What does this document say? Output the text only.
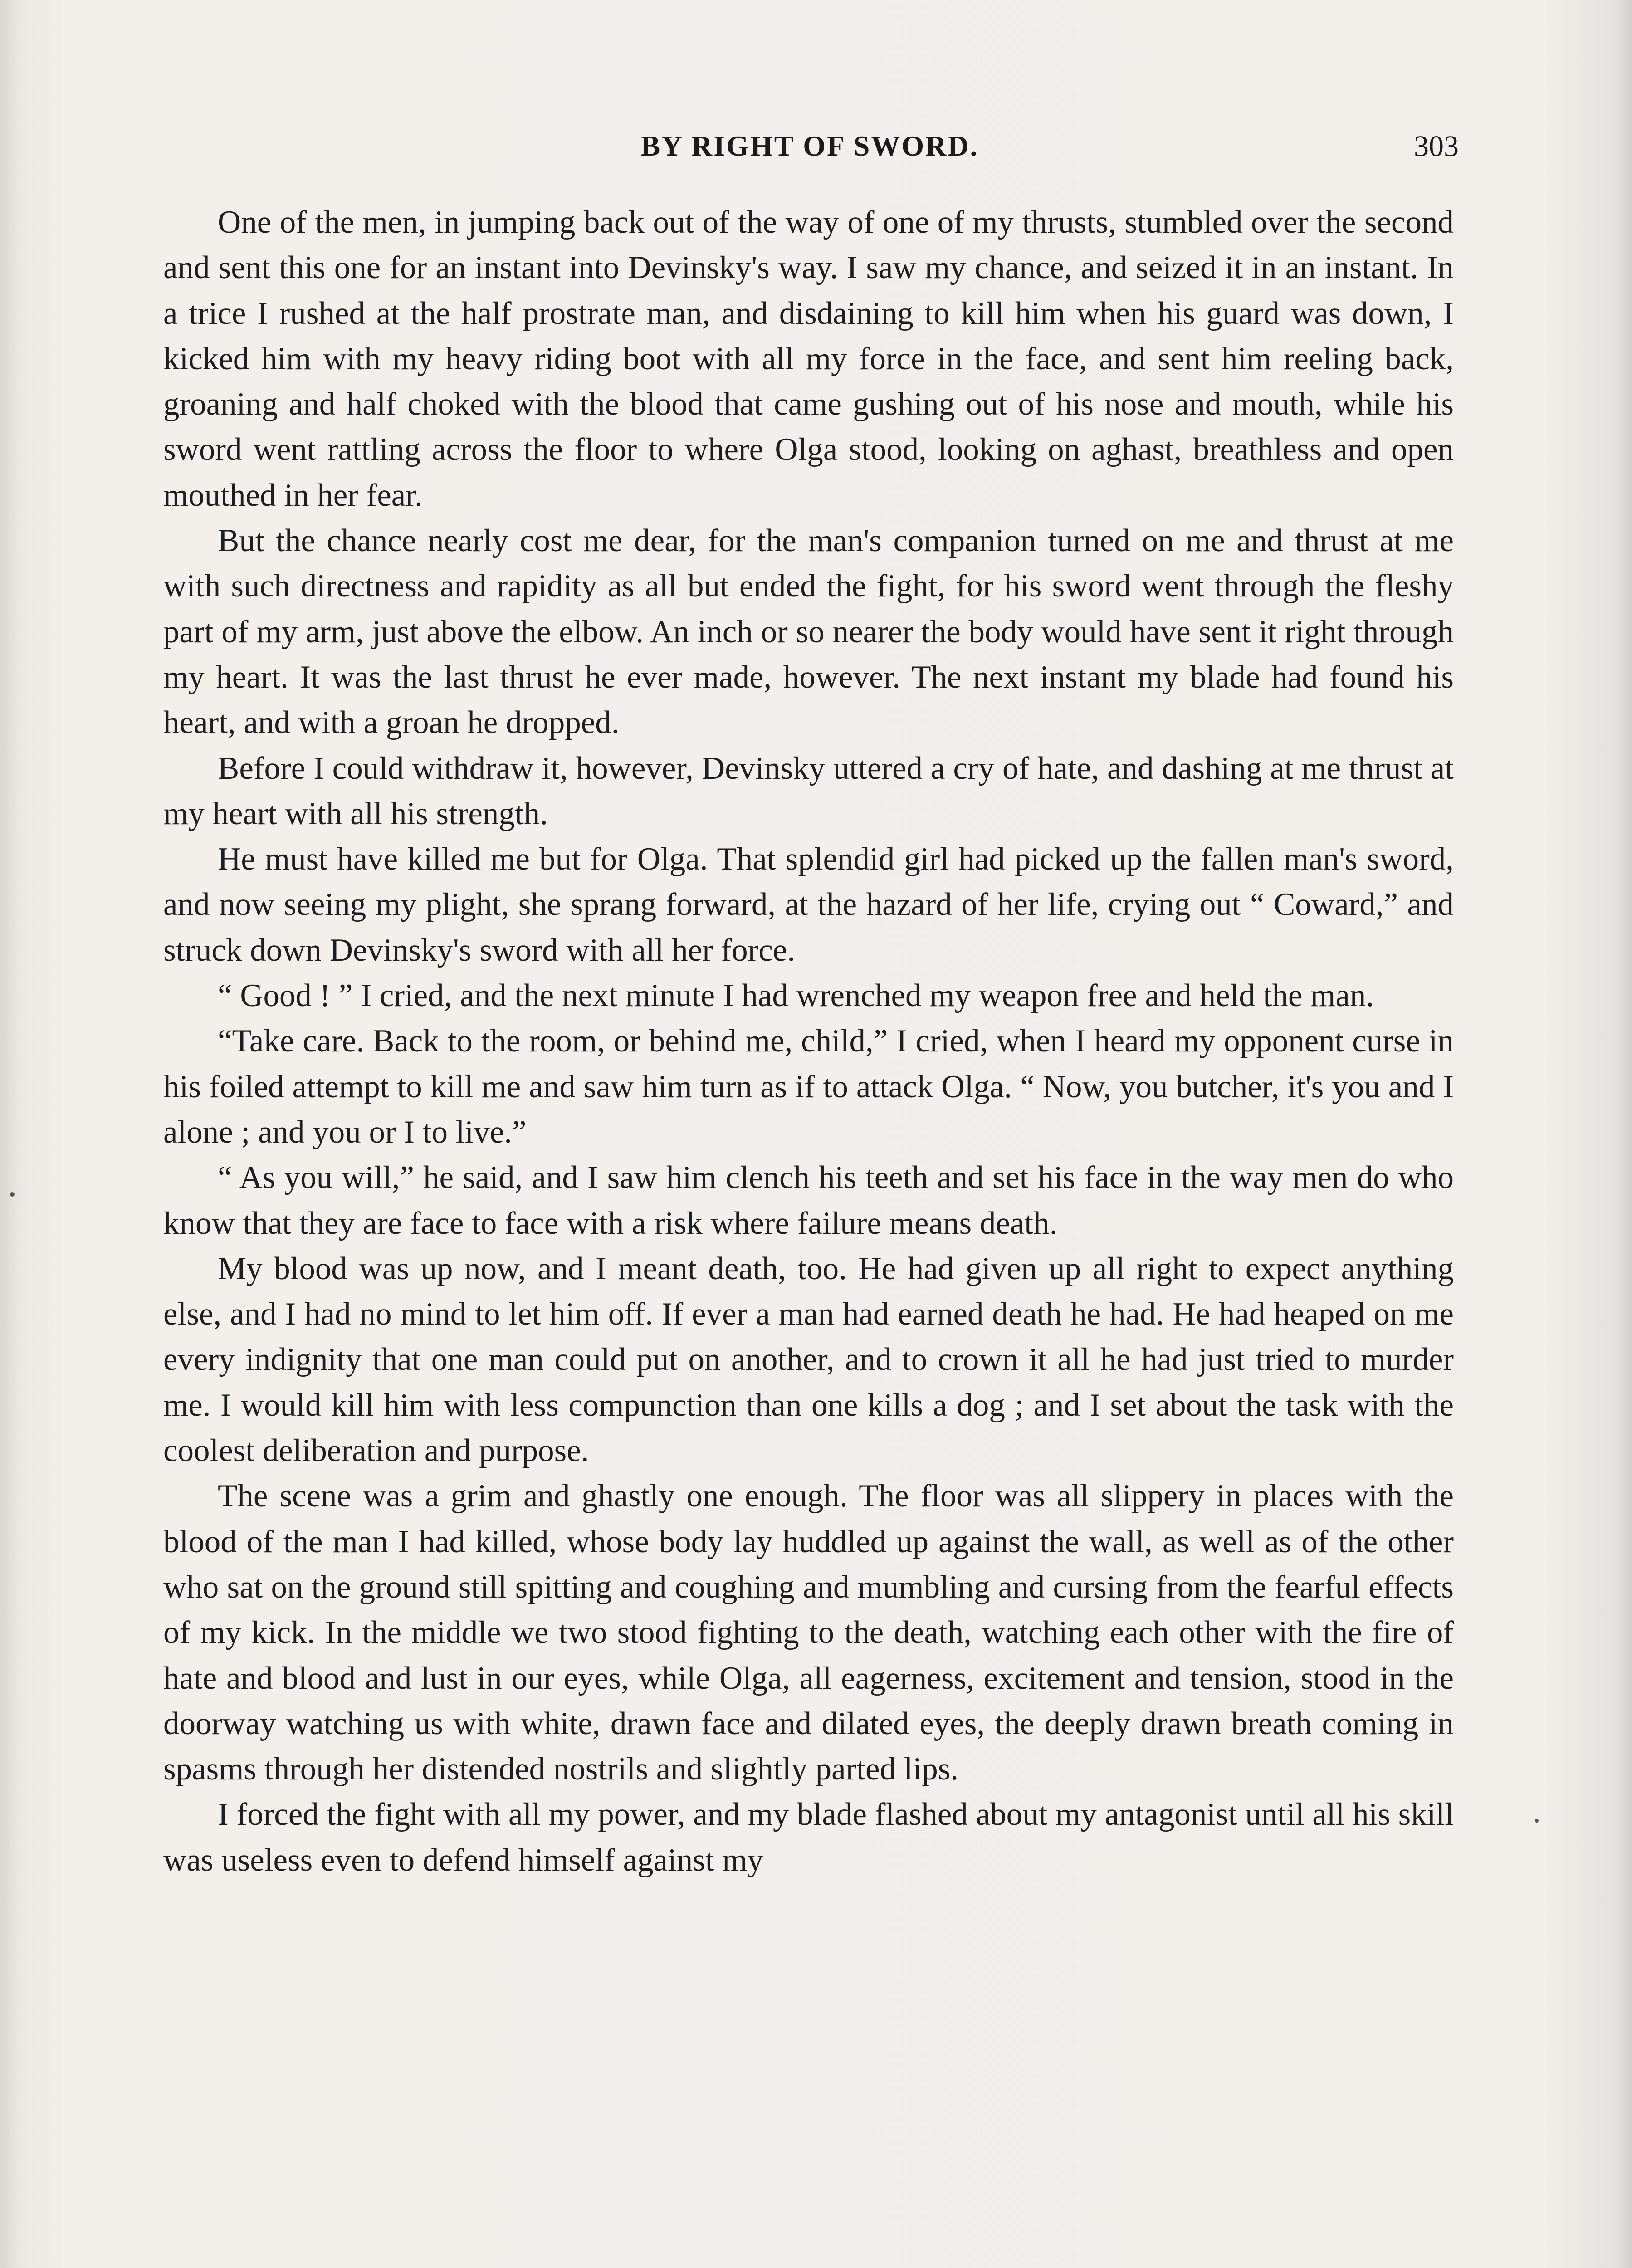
BY RIGHT OF SWORD.	303

One of the men, in jumping back out of the way of one of my thrusts, stumbled over the second and sent this one for an instant into Devinsky's way. I saw my chance, and seized it in an instant. In a trice I rushed at the half prostrate man, and disdaining to kill him when his guard was down, I kicked him with my heavy riding boot with all my force in the face, and sent him reeling back, groaning and half choked with the blood that came gushing out of his nose and mouth, while his sword went rattling across the floor to where Olga stood, looking on aghast, breathless and open mouthed in her fear.

But the chance nearly cost me dear, for the man's companion turned on me and thrust at me with such directness and rapidity as all but ended the fight, for his sword went through the fleshy part of my arm, just above the elbow. An inch or so nearer the body would have sent it right through my heart. It was the last thrust he ever made, however. The next instant my blade had found his heart, and with a groan he dropped.

Before I could withdraw it, however, Devinsky uttered a cry of hate, and dashing at me thrust at my heart with all his strength.

He must have killed me but for Olga. That splendid girl had picked up the fallen man's sword, and now seeing my plight, she sprang forward, at the hazard of her life, crying out “ Coward,” and struck down Devinsky's sword with all her force.

“ Good ! ” I cried, and the next minute I had wrenched my weapon free and held the man.

“Take care. Back to the room, or behind me, child,” I cried, when I heard my opponent curse in his foiled attempt to kill me and saw him turn as if to attack Olga. “ Now, you butcher, it's you and I alone ; and you or I to live.”

“ As you will,” he said, and I saw him clench his teeth and set his face in the way men do who know that they are face to face with a risk where failure means death.

My blood was up now, and I meant death, too. He had given up all right to expect anything else, and I had no mind to let him off. If ever a man had earned death he had. He had heaped on me every indignity that one man could put on another, and to crown it all he had just tried to murder me. I would kill him with less compunction than one kills a dog ; and I set about the task with the coolest deliberation and purpose.

The scene was a grim and ghastly one enough. The floor was all slippery in places with the blood of the man I had killed, whose body lay huddled up against the wall, as well as of the other who sat on the ground still spitting and coughing and mumbling and cursing from the fearful effects of my kick. In the middle we two stood fighting to the death, watching each other with the fire of hate and blood and lust in our eyes, while Olga, all eagerness, excitement and tension, stood in the doorway watching us with white, drawn face and dilated eyes, the deeply drawn breath coming in spasms through her distended nostrils and slightly parted lips.

I forced the fight with all my power, and my blade flashed about my antagonist until all his skill was useless even to defend himself against my
